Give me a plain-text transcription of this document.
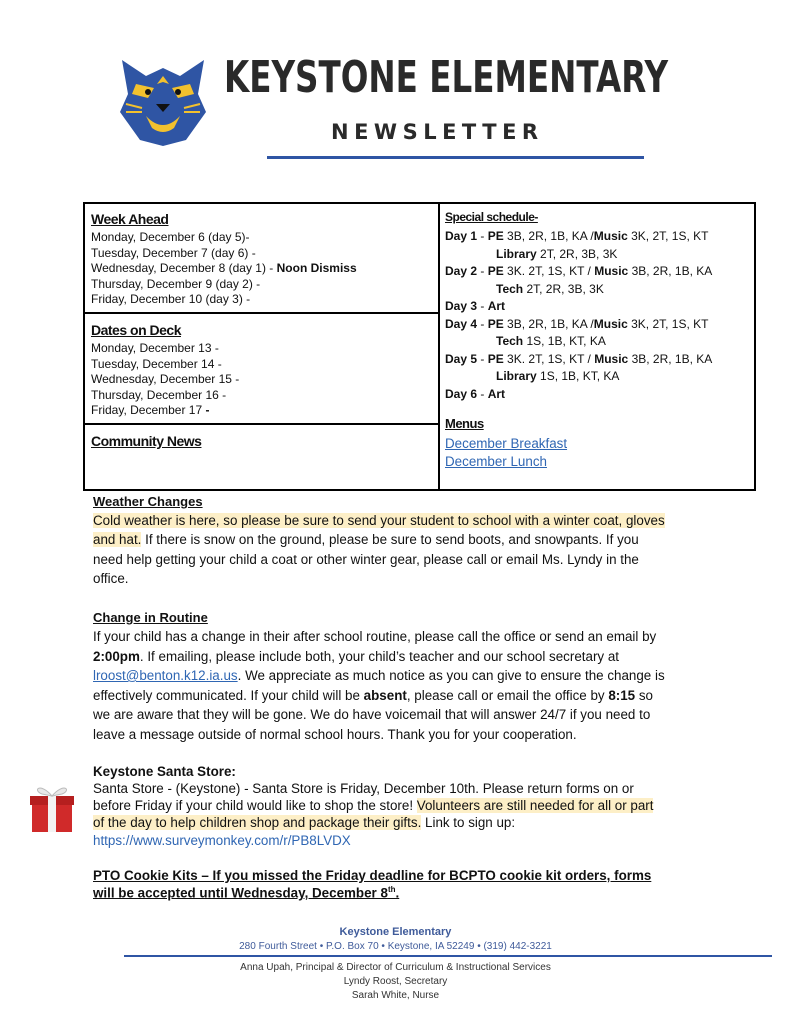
KEYSTONE ELEMENTARY
NEWSLETTER
Week Ahead
Monday, December 6 (day 5)-
Tuesday, December 7 (day 6) -
Wednesday, December 8 (day 1) - Noon Dismiss
Thursday, December 9 (day 2) -
Friday, December 10 (day 3) -
Dates on Deck
Monday, December 13 -
Tuesday, December 14 -
Wednesday, December 15 -
Thursday, December 16 -
Friday, December 17 -
Community News
Special schedule-
Day 1 - PE 3B, 2R, 1B, KA /Music 3K, 2T, 1S, KT
Library 2T, 2R, 3B, 3K
Day 2 - PE 3K. 2T, 1S, KT / Music 3B, 2R, 1B, KA
Tech 2T, 2R, 3B, 3K
Day 3 - Art
Day 4 - PE 3B, 2R, 1B, KA /Music 3K, 2T, 1S, KT
Tech 1S, 1B, KT, KA
Day 5 - PE 3K. 2T, 1S, KT / Music 3B, 2R, 1B, KA
Library 1S, 1B, KT, KA
Day 6 - Art
Menus
December Breakfast
December Lunch
Weather Changes
Cold weather is here, so please be sure to send your student to school with a winter coat, gloves
and hat. If there is snow on the ground, please be sure to send boots, and snowpants. If you
need help getting your child a coat or other winter gear, please call or email Ms. Lyndy in the
office.
Change in Routine
If your child has a change in their after school routine, please call the office or send an email by
2:00pm. If emailing, please include both, your child’s teacher and our school secretary at
lroost@benton.k12.ia.us. We appreciate as much notice as you can give to ensure the change is
effectively communicated. If your child will be absent, please call or email the office by 8:15 so
we are aware that they will be gone. We do have voicemail that will answer 24/7 if you need to
leave a message outside of normal school hours. Thank you for your cooperation.
Keystone Santa Store:
Santa Store - (Keystone) - Santa Store is Friday, December 10th. Please return forms on or
before Friday if your child would like to shop the store! Volunteers are still needed for all or part
of the day to help children shop and package their gifts. Link to sign up:
https://www.surveymonkey.com/r/PB8LVDX
PTO Cookie Kits – If you missed the Friday deadline for BCPTO cookie kit orders, forms
will be accepted until Wednesday, December 8th.
Keystone Elementary
280 Fourth Street • P.O. Box 70 • Keystone, IA 52249 • (319) 442-3221
Anna Upah, Principal & Director of Curriculum & Instructional Services
Lyndy Roost, Secretary
Sarah White, Nurse
